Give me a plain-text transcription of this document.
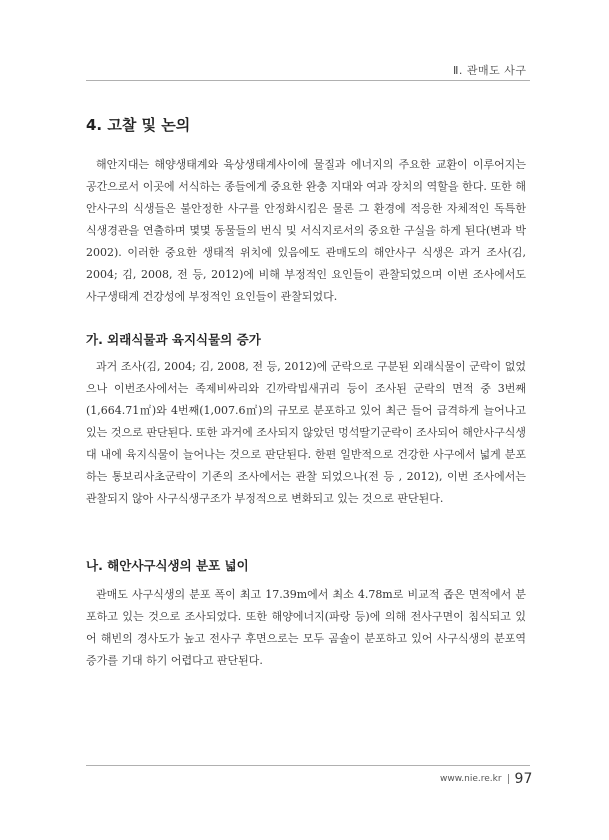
Ⅱ. 관매도 사구
4. 고찰 및 논의

해안지대는 해양생태계와 육상생태계사이에 물질과 에너지의 주요한 교환이 이루어지는 공간으로서 이곳에 서식하는 종들에게 중요한 완충 지대와 여과 장치의 역할을 한다. 또한 해안사구의 식생들은 불안정한 사구를 안정화시킴은 물론 그 환경에 적응한 자체적인 독특한 식생경관을 연출하며 몇몇 동물들의 번식 및 서식지로서의 중요한 구실을 하게 된다(변과 박 2002). 이러한 중요한 생태적 위치에 있음에도 관매도의 해안사구 식생은 과거 조사(김, 2004; 김, 2008, 전 등, 2012)에 비해 부정적인 요인들이 관찰되었으며 이번 조사에서도 사구생태계 건강성에 부정적인 요인들이 관찰되었다.

가. 외래식물과 육지식물의 증가

과거 조사(김, 2004; 김, 2008, 전 등, 2012)에 군락으로 구분된 외래식물이 군락이 없었으나 이번조사에서는 족제비싸리와 긴까락빕새귀리 등이 조사된 군락의 면적 중 3번째(1,664.71㎡)와 4번째(1,007.6㎡)의 규모로 분포하고 있어 최근 들어 급격하게 늘어나고 있는 것으로 판단된다. 또한 과거에 조사되지 않았던 멍석딸기군락이 조사되어 해안사구식생대 내에 육지식물이 늘어나는 것으로 판단된다. 한편 일반적으로 건강한 사구에서 넓게 분포하는 통보리사초군락이 기존의 조사에서는 관찰 되었으나(전 등 , 2012), 이번 조사에서는 관찰되지 않아 사구식생구조가 부정적으로 변화되고 있는 것으로 판단된다.

나. 해안사구식생의 분포 넓이

관매도 사구식생의 분포 폭이 최고 17.39m에서 최소 4.78m로 비교적 좁은 면적에서 분포하고 있는 것으로 조사되었다. 또한 해양에너지(파랑 등)에 의해 전사구면이 침식되고 있어 해빈의 경사도가 높고 전사구 후면으로는 모두 곰솔이 분포하고 있어 사구식생의 분포역 증가를 기대 하기 어렵다고 판단된다.

www.nie.re.kr 97
